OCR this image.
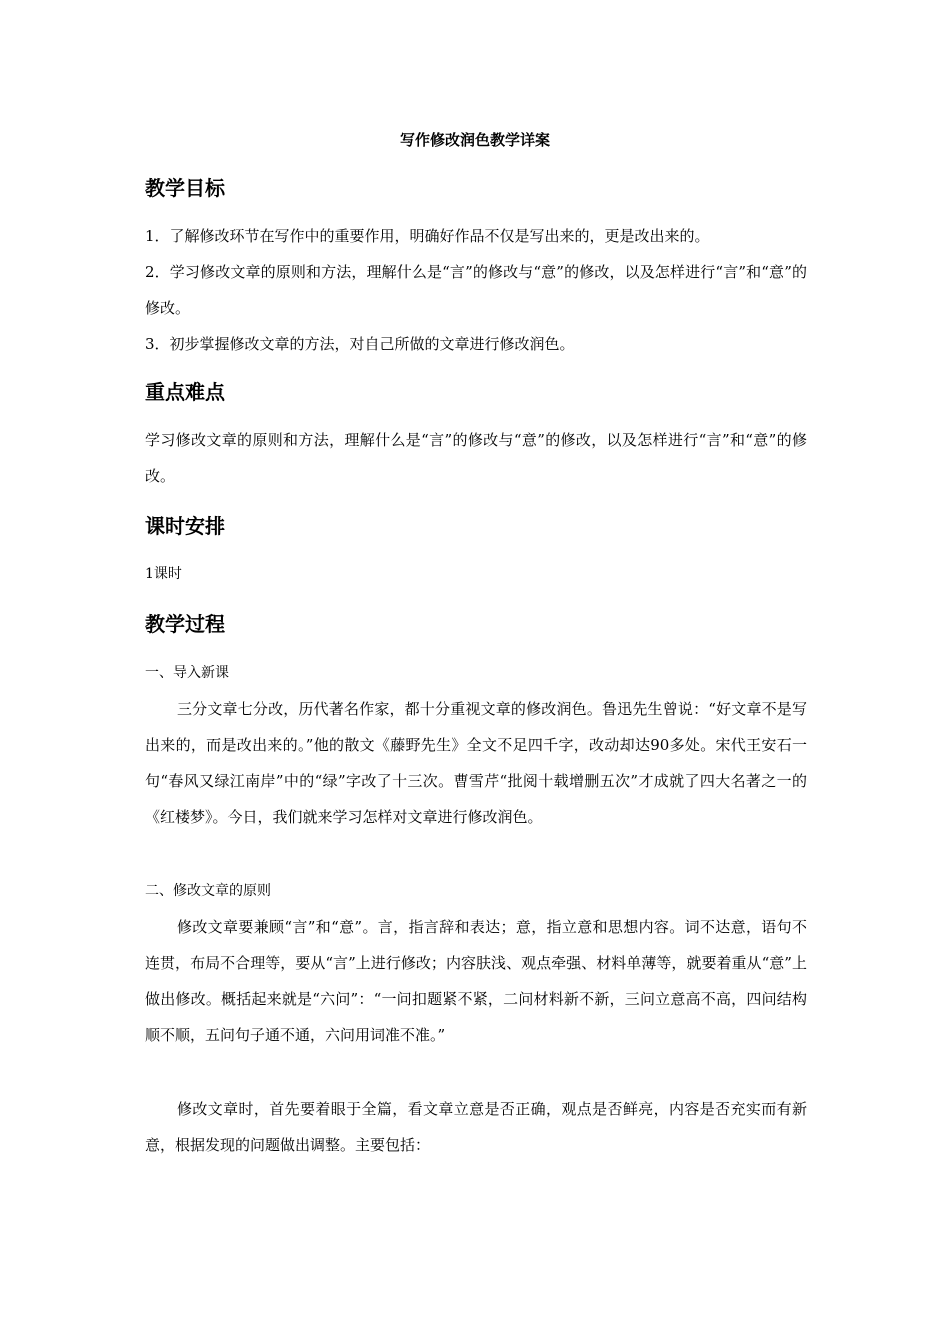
写作修改润色教学详案
教学目标
1．了解修改环节在写作中的重要作用，明确好作品不仅是写出来的，更是改出来的。
2．学习修改文章的原则和方法，理解什么是“言”的修改与“意”的修改，以及怎样进行“言”和“意”的修改。
3．初步掌握修改文章的方法，对自己所做的文章进行修改润色。
重点难点
学习修改文章的原则和方法，理解什么是“言”的修改与“意”的修改，以及怎样进行“言”和“意”的修改。
课时安排
1课时
教学过程
一、导入新课
三分文章七分改，历代著名作家，都十分重视文章的修改润色。鲁迅先生曾说：“好文章不是写出来的，而是改出来的。”他的散文《藤野先生》全文不足四千字，改动却达90多处。宋代王安石一句“春风又绿江南岸”中的“绿”字改了十三次。曹雪芹“批阅十载增删五次”才成就了四大名著之一的《红楼梦》。今日，我们就来学习怎样对文章进行修改润色。
二、修改文章的原则
修改文章要兼顾“言”和“意”。言，指言辞和表达；意，指立意和思想内容。词不达意，语句不连贯，布局不合理等，要从“言”上进行修改；内容肤浅、观点牵强、材料单薄等，就要着重从“意”上做出修改。概括起来就是“六问”：“一问扣题紧不紧，二问材料新不新，三问立意高不高，四问结构顺不顺，五问句子通不通，六问用词准不准。”
修改文章时，首先要着眼于全篇，看文章立意是否正确，观点是否鲜亮，内容是否充实而有新意，根据发现的问题做出调整。主要包括：
